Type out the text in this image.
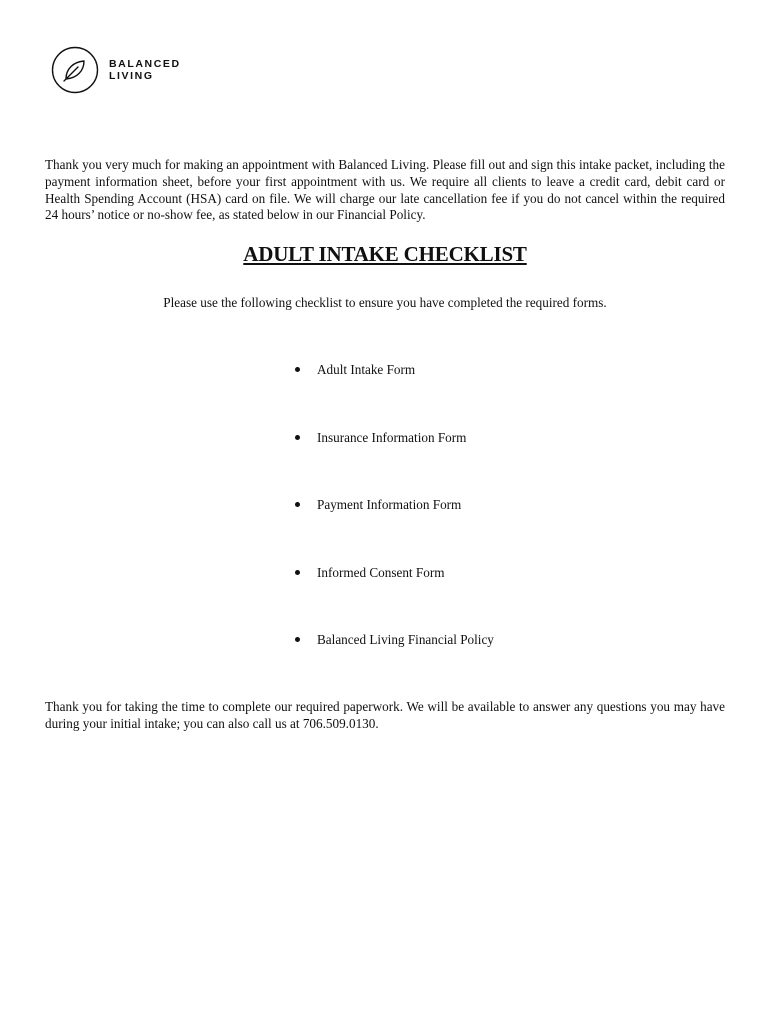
BALANCED
LIVING

Thank you very much for making an appointment with Balanced Living. Please fill out and sign this intake packet, including the payment information sheet, before your first appointment with us. We require all clients to leave a credit card, debit card or Health Spending Account (HSA) card on file. We will charge our late cancellation fee if you do not cancel within the required 24 hours’ notice or no-show fee, as stated below in our Financial Policy.

ADULT INTAKE CHECKLIST

Please use the following checklist to ensure you have completed the required forms.

Adult Intake Form
Insurance Information Form
Payment Information Form
Informed Consent Form
Balanced Living Financial Policy

Thank you for taking the time to complete our required paperwork. We will be available to answer any questions you may have during your initial intake; you can also call us at 706.509.0130.
